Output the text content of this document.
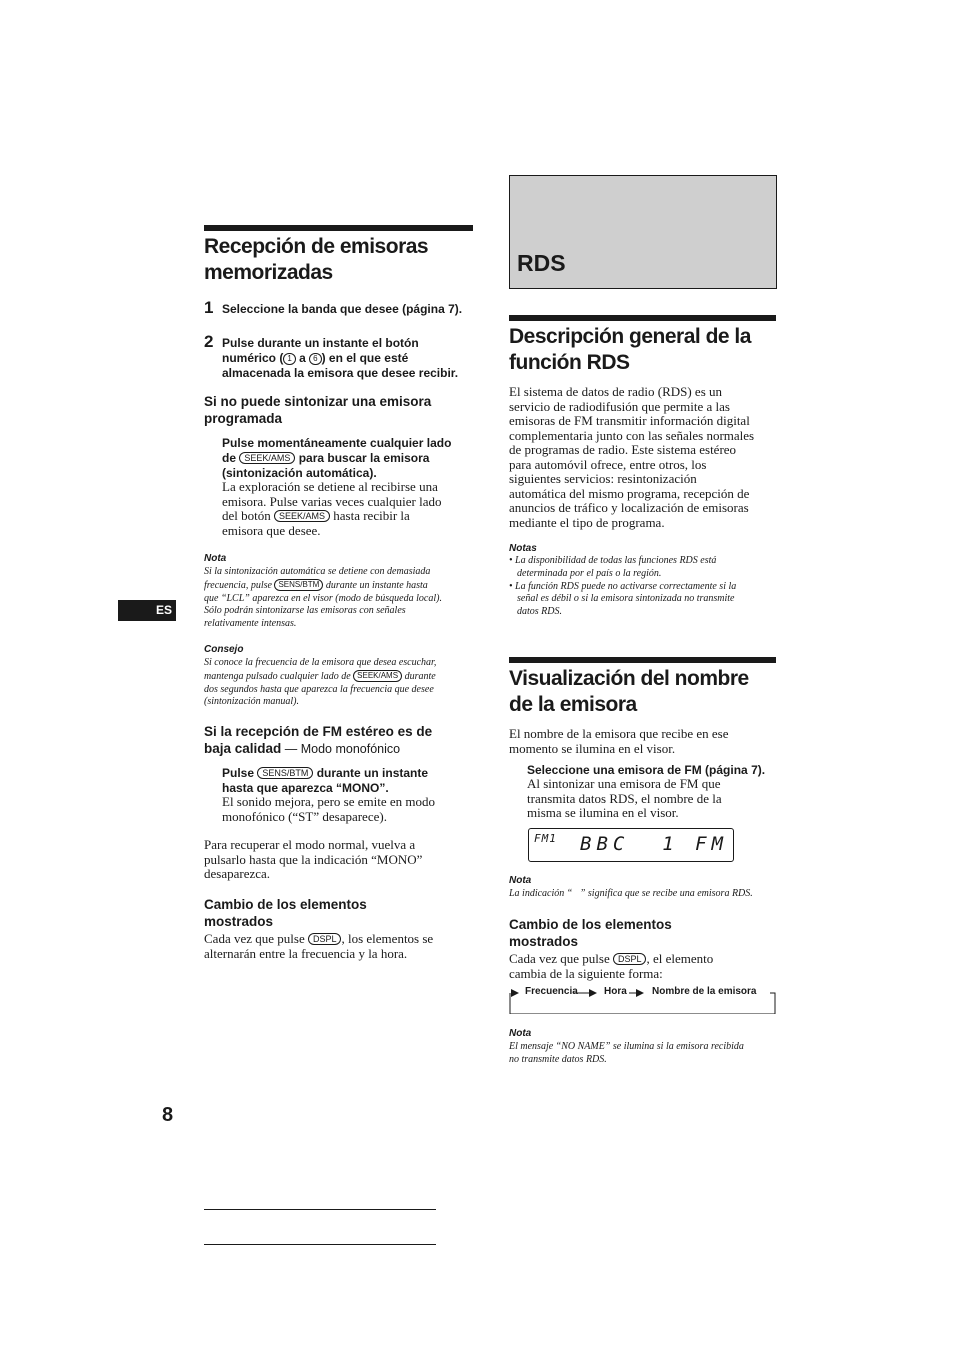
Recepción de emisoras
memorizadas
1 Seleccione la banda que desee (página 7).
2 Pulse durante un instante el botón
numérico ( 1 a 6 ) en el que esté
almacenada la emisora que desee recibir.
Si no puede sintonizar una emisora
programada
Pulse momentáneamente cualquier lado
de SEEK/AMS para buscar la emisora
(sintonización automática).
La exploración se detiene al recibirse una
emisora. Pulse varias veces cualquier lado
del botón SEEK/AMS hasta recibir la
emisora que desee.
Nota
Si la sintonización automática se detiene con demasiada
frecuencia, pulse SENS/BTM durante un instante hasta
que “LCL” aparezca en el visor (modo de búsqueda local).
Sólo podrán sintonizarse las emisoras con señales
relativamente intensas.
Consejo
Si conoce la frecuencia de la emisora que desea escuchar,
mantenga pulsado cualquier lado de SEEK/AMS durante
dos segundos hasta que aparezca la frecuencia que desee
(sintonización manual).
Si la recepción de FM estéreo es de
baja calidad — Modo monofónico
Pulse SENS/BTM durante un instante
hasta que aparezca “MONO”.
El sonido mejora, pero se emite en modo
monofónico (“ST” desaparece).
Para recuperar el modo normal, vuelva a
pulsarlo hasta que la indicación “MONO”
desaparezca.
Cambio de los elementos
mostrados
Cada vez que pulse DSPL , los elementos se
alternarán entre la frecuencia y la hora.
ES
8
RDS
Descripción general de la
función RDS
El sistema de datos de radio (RDS) es un
servicio de radiodifusión que permite a las
emisoras de FM transmitir información digital
complementaria junto con las señales normales
de programas de radio. Este sistema estéreo
para automóvil ofrece, entre otros, los
siguientes servicios: resintonización
automática del mismo programa, recepción de
anuncios de tráfico y localización de emisoras
mediante el tipo de programa.
Notas
• La disponibilidad de todas las funciones RDS está
determinada por el país o la región.
• La función RDS puede no activarse correctamente si la
señal es débil o si la emisora sintonizada no transmite
datos RDS.
Visualización del nombre
de la emisora
El nombre de la emisora que recibe en ese
momento se ilumina en el visor.
Seleccione una emisora de FM (página 7).
Al sintonizar una emisora de FM que
transmita datos RDS, el nombre de la
misma se ilumina en el visor.
FM1 BBC  1 FM
Nota
La indicación “   ” significa que se recibe una emisora RDS.
Cambio de los elementos
mostrados
Cada vez que pulse DSPL , el elemento
cambia de la siguiente forma:
Frecuencia	Hora	Nombre de la emisora
Nota
El mensaje “NO NAME” se ilumina si la emisora recibida
no transmite datos RDS.
